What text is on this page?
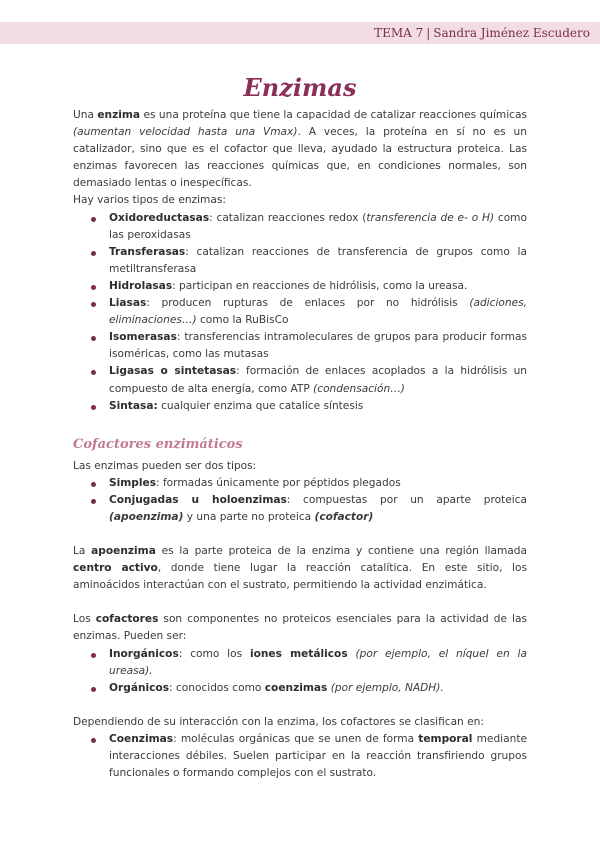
TEMA 7 | Sandra Jiménez Escudero
Enzimas

Una enzima es una proteína que tiene la capacidad de catalizar reacciones químicas (aumentan velocidad hasta una Vmax). A veces, la proteína en sí no es un catalizador, sino que es el cofactor que lleva, ayudado la estructura proteica. Las enzimas favorecen las reacciones químicas que, en condiciones normales, son demasiado lentas o inespecíficas.

Hay varios tipos de enzimas:

Oxidoreductasas: catalizan reacciones redox (transferencia de e- o H) como las peroxidasas
Transferasas: catalizan reacciones de transferencia de grupos como la metiltransferasa
Hidrolasas: participan en reacciones de hidrólisis, como la ureasa.
Liasas: producen rupturas de enlaces por no hidrólisis (adiciones, eliminaciones…) como la RuBisCo
Isomerasas: transferencias intramoleculares de grupos para producir formas isoméricas, como las mutasas
Ligasas o sintetasas: formación de enlaces acoplados a la hidrólisis un compuesto de alta energía, como ATP (condensación…)
Sintasa: cualquier enzima que catalice síntesis
Cofactores enzimáticos

Las enzimas pueden ser dos tipos:

Simples: formadas únicamente por péptidos plegados
Conjugadas u holoenzimas: compuestas por un aparte proteica (apoenzima) y una parte no proteica (cofactor)

La apoenzima es la parte proteica de la enzima y contiene una región llamada centro activo, donde tiene lugar la reacción catalítica. En este sitio, los aminoácidos interactúan con el sustrato, permitiendo la actividad enzimática.

Los cofactores son componentes no proteicos esenciales para la actividad de las enzimas. Pueden ser:

Inorgánicos: como los iones metálicos (por ejemplo, el níquel en la ureasa).
Orgánicos: conocidos como coenzimas (por ejemplo, NADH).

Dependiendo de su interacción con la enzima, los cofactores se clasifican en:

Coenzimas: moléculas orgánicas que se unen de forma temporal mediante interacciones débiles. Suelen participar en la reacción transfiriendo grupos funcionales o formando complejos con el sustrato.
